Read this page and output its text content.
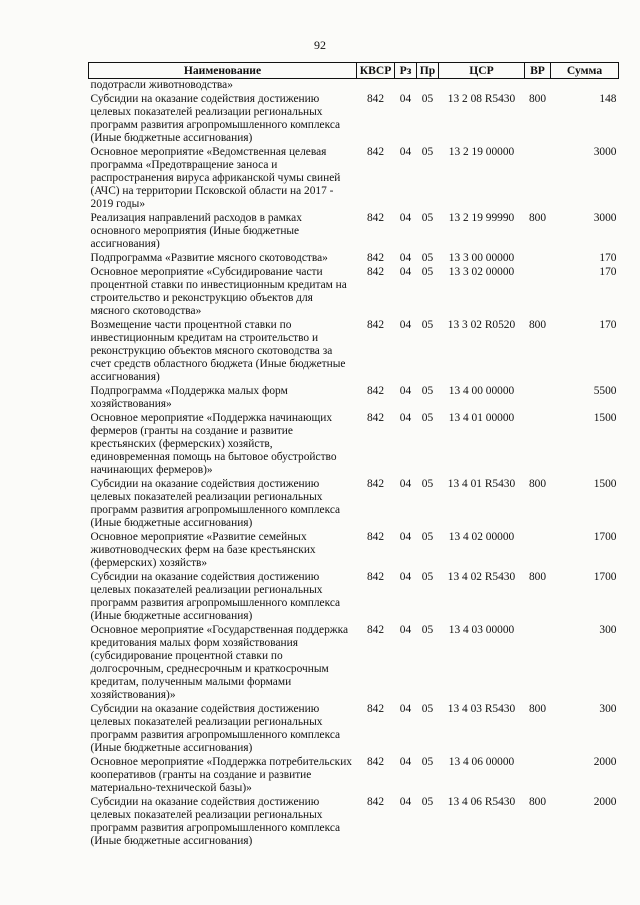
92
Наименование	КВСР	Рз	Пр	ЦСР	ВР	Сумма
подотрасли животноводства»						
Субсидии на оказание содействия достижению целевых показателей реализации региональных программ развития агропромышленного комплекса (Иные бюджетные ассигнования)	842	04	05	13 2 08 R5430	800	148
Основное мероприятие «Ведомственная целевая программа «Предотвращение заноса и распространения вируса африканской чумы свиней (АЧС) на территории Псковской области на 2017 - 2019 годы»	842	04	05	13 2 19 00000		3000
Реализация направлений расходов в рамках основного мероприятия (Иные бюджетные ассигнования)	842	04	05	13 2 19 99990	800	3000
Подпрограмма «Развитие мясного скотоводства»	842	04	05	13 3 00 00000		170
Основное мероприятие «Субсидирование части процентной ставки по инвестиционным кредитам на строительство и реконструкцию объектов для мясного скотоводства»	842	04	05	13 3 02 00000		170
Возмещение части процентной ставки по инвестиционным кредитам на строительство и реконструкцию объектов мясного скотоводства за счет средств областного бюджета (Иные бюджетные ассигнования)	842	04	05	13 3 02 R0520	800	170
Подпрограмма «Поддержка малых форм хозяйствования»	842	04	05	13 4 00 00000		5500
Основное мероприятие «Поддержка начинающих фермеров (гранты на создание и развитие крестьянских (фермерских) хозяйств, единовременная помощь на бытовое обустройство начинающих фермеров)»	842	04	05	13 4 01 00000		1500
Субсидии на оказание содействия достижению целевых показателей реализации региональных программ развития агропромышленного комплекса (Иные бюджетные ассигнования)	842	04	05	13 4 01 R5430	800	1500
Основное мероприятие «Развитие семейных животноводческих ферм на базе крестьянских (фермерских) хозяйств»	842	04	05	13 4 02 00000		1700
Субсидии на оказание содействия достижению целевых показателей реализации региональных программ развития агропромышленного комплекса (Иные бюджетные ассигнования)	842	04	05	13 4 02 R5430	800	1700
Основное мероприятие «Государственная поддержка кредитования малых форм хозяйствования (субсидирование процентной ставки по долгосрочным, среднесрочным и краткосрочным кредитам, полученным малыми формами хозяйствования)»	842	04	05	13 4 03 00000		300
Субсидии на оказание содействия достижению целевых показателей реализации региональных программ развития агропромышленного комплекса (Иные бюджетные ассигнования)	842	04	05	13 4 03 R5430	800	300
Основное мероприятие «Поддержка потребительских кооперативов (гранты на создание и развитие материально-технической базы)»	842	04	05	13 4 06 00000		2000
Субсидии на оказание содействия достижению целевых показателей реализации региональных программ развития агропромышленного комплекса (Иные бюджетные ассигнования)	842	04	05	13 4 06 R5430	800	2000
